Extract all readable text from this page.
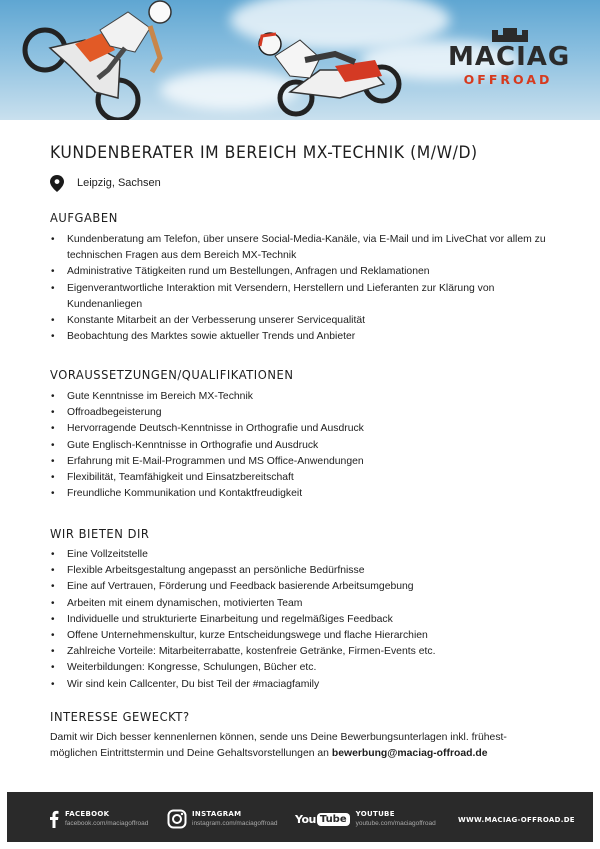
MACIAG
OFFROAD
KUNDENBERATER IM BEREICH MX-TECHNIK (M/W/D)
Leipzig, Sachsen
AUFGABEN
• Kundenberatung am Telefon, über unsere Social-Media-Kanäle, via E-Mail und im LiveChat vor allem zu technischen Fragen aus dem Bereich MX-Technik
• Administrative Tätigkeiten rund um Bestellungen, Anfragen und Reklamationen
• Eigenverantwortliche Interaktion mit Versendern, Herstellern und Lieferanten zur Klärung von Kundenanliegen
• Konstante Mitarbeit an der Verbesserung unserer Servicequalität
• Beobachtung des Marktes sowie aktueller Trends und Anbieter
VORAUSSETZUNGEN/QUALIFIKATIONEN
• Gute Kenntnisse im Bereich MX-Technik
• Offroadbegeisterung
• Hervorragende Deutsch-Kenntnisse in Orthografie und Ausdruck
• Gute Englisch-Kenntnisse in Orthografie und Ausdruck
• Erfahrung mit E-Mail-Programmen und MS Office-Anwendungen
• Flexibilität, Teamfähigkeit und Einsatzbereitschaft
• Freundliche Kommunikation und Kontaktfreudigkeit
WIR BIETEN DIR
• Eine Vollzeitstelle
• Flexible Arbeitsgestaltung angepasst an persönliche Bedürfnisse
• Eine auf Vertrauen, Förderung und Feedback basierende Arbeitsumgebung
• Arbeiten mit einem dynamischen, motivierten Team
• Individuelle und strukturierte Einarbeitung und regelmäßiges Feedback
• Offene Unternehmenskultur, kurze Entscheidungswege und flache Hierarchien
• Zahlreiche Vorteile: Mitarbeiterrabatte, kostenfreie Getränke, Firmen-Events etc.
• Weiterbildungen: Kongresse, Schulungen, Bücher etc.
• Wir sind kein Callcenter, Du bist Teil der #maciagfamily
INTERESSE GEWECKT?

Damit wir Dich besser kennenlernen können, sende uns Deine Bewerbungsunterlagen inkl. frühest-möglichen Eintrittstermin und Deine Gehaltsvorstellungen an bewerbung@maciag-offroad.de

FACEBOOK
facebook.com/maciagoffroad
INSTAGRAM
instagram.com/maciagoffroad You Tube	YOUTUBE
youtube.com/maciagoffroad	WWW.MACIAG-OFFROAD.DE
